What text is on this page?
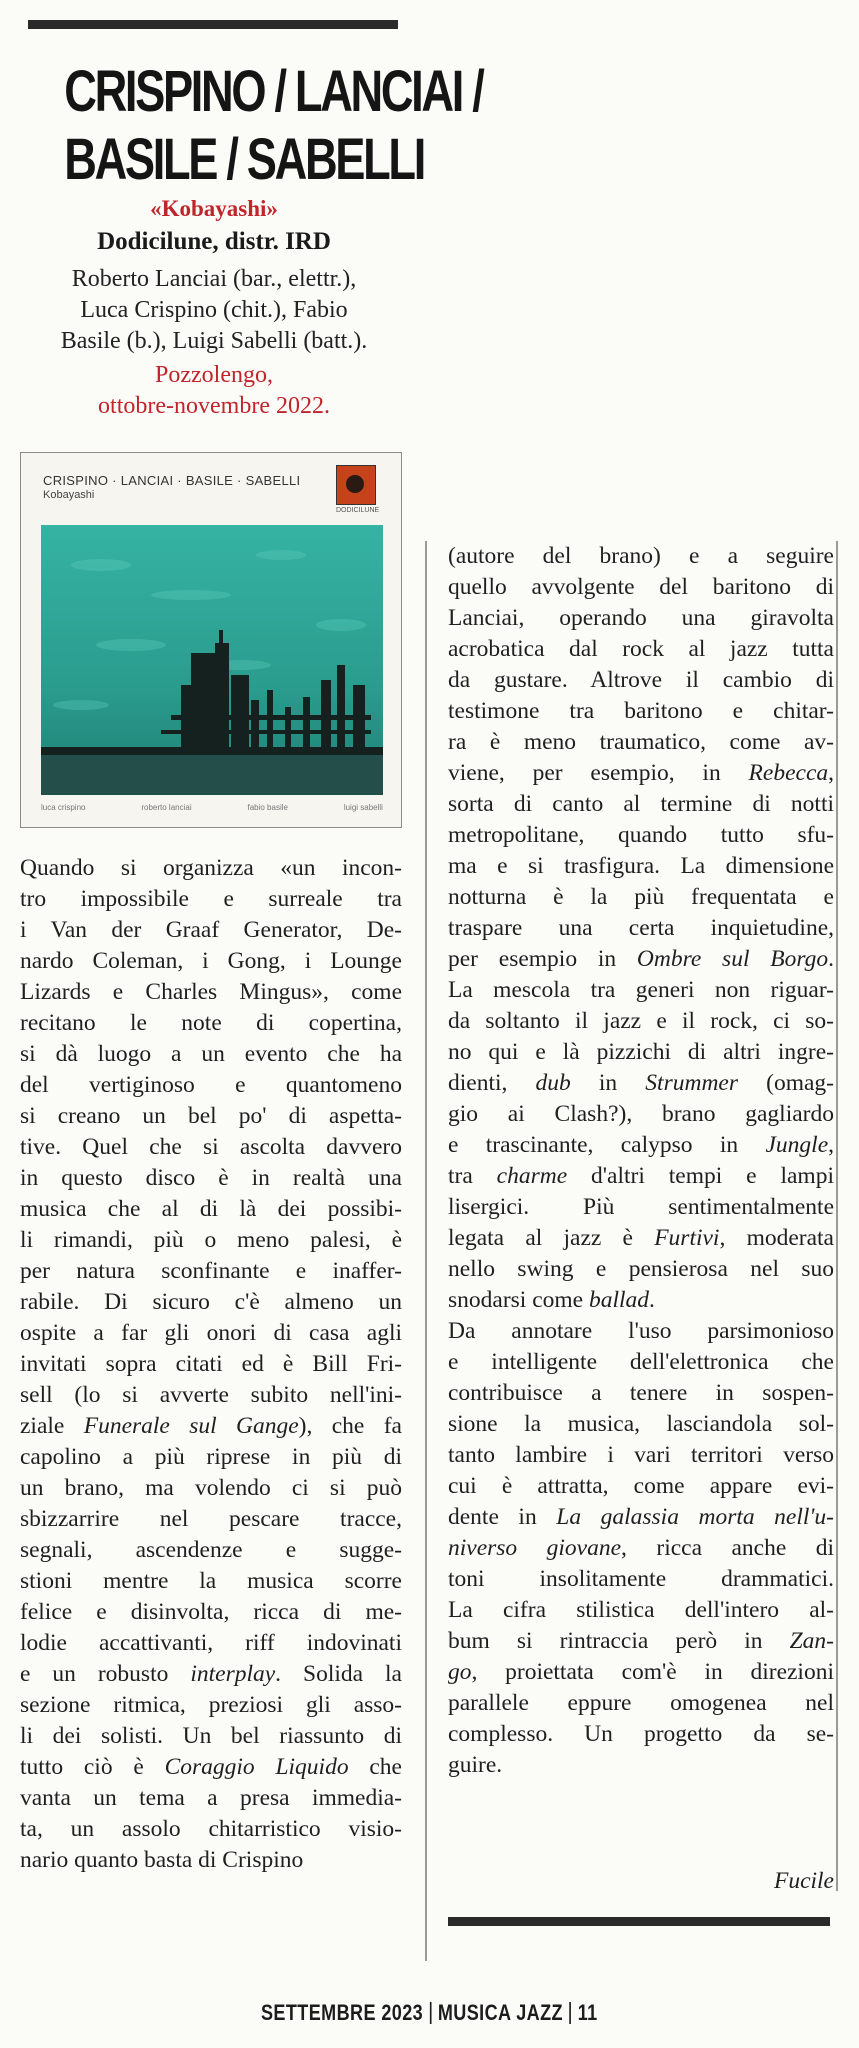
CRISPINO / LANCIAI /
BASILE / SABELLI
«Kobayashi»
Dodicilune, distr. IRD
Roberto Lanciai (bar., elettr.),
Luca Crispino (chit.), Fabio
Basile (b.), Luigi Sabelli (batt.).
Pozzolengo,
ottobre-novembre 2022.
CRISPINO · LANCIAI · BASILE · SABELLI
Kobayashi
DODICILUNE
luca crispino	roberto lanciai	fabio basile	luigi sabelli
Quando si organizza «un incon-
tro impossibile e surreale tra
i Van der Graaf Generator, De-
nardo Coleman, i Gong, i Lounge
Lizards e Charles Mingus», come
recitano le note di copertina,
si dà luogo a un evento che ha
del vertiginoso e quantomeno
si creano un bel po' di aspetta-
tive. Quel che si ascolta davvero
in questo disco è in realtà una
musica che al di là dei possibi-
li rimandi, più o meno palesi, è
per natura sconfinante e inaffer-
rabile. Di sicuro c'è almeno un
ospite a far gli onori di casa agli
invitati sopra citati ed è Bill Fri-
sell (lo si avverte subito nell'ini-
ziale Funerale sul Gange), che fa
capolino a più riprese in più di
un brano, ma volendo ci si può
sbizzarrire nel pescare tracce,
segnali, ascendenze e sugge-
stioni mentre la musica scorre
felice e disinvolta, ricca di me-
lodie accattivanti, riff indovinati
e un robusto interplay. Solida la
sezione ritmica, preziosi gli asso-
li dei solisti. Un bel riassunto di
tutto ciò è Coraggio Liquido che
vanta un tema a presa immedia-
ta, un assolo chitarristico visio-
nario quanto basta di Crispino
(autore del brano) e a seguire
quello avvolgente del baritono di
Lanciai, operando una giravolta
acrobatica dal rock al jazz tutta
da gustare. Altrove il cambio di
testimone tra baritono e chitar-
ra è meno traumatico, come av-
viene, per esempio, in Rebecca,
sorta di canto al termine di notti
metropolitane, quando tutto sfu-
ma e si trasfigura. La dimensione
notturna è la più frequentata e
traspare una certa inquietudine,
per esempio in Ombre sul Borgo.
La mescola tra generi non riguar-
da soltanto il jazz e il rock, ci so-
no qui e là pizzichi di altri ingre-
dienti, dub in Strummer (omag-
gio ai Clash?), brano gagliardo
e trascinante, calypso in Jungle,
tra charme d'altri tempi e lampi
lisergici. Più sentimentalmente
legata al jazz è Furtivi, moderata
nello swing e pensierosa nel suo
snodarsi come ballad.
Da annotare l'uso parsimonioso
e intelligente dell'elettronica che
contribuisce a tenere in sospen-
sione la musica, lasciandola sol-
tanto lambire i vari territori verso
cui è attratta, come appare evi-
dente in La galassia morta nell'u-
niverso giovane, ricca anche di
toni insolitamente drammatici.
La cifra stilistica dell'intero al-
bum si rintraccia però in Zan-
go, proiettata com'è in direzioni
parallele eppure omogenea nel
complesso. Un progetto da se-
guire.
Fucile
SETTEMBRE 2023 MUSICA JAZZ 11
